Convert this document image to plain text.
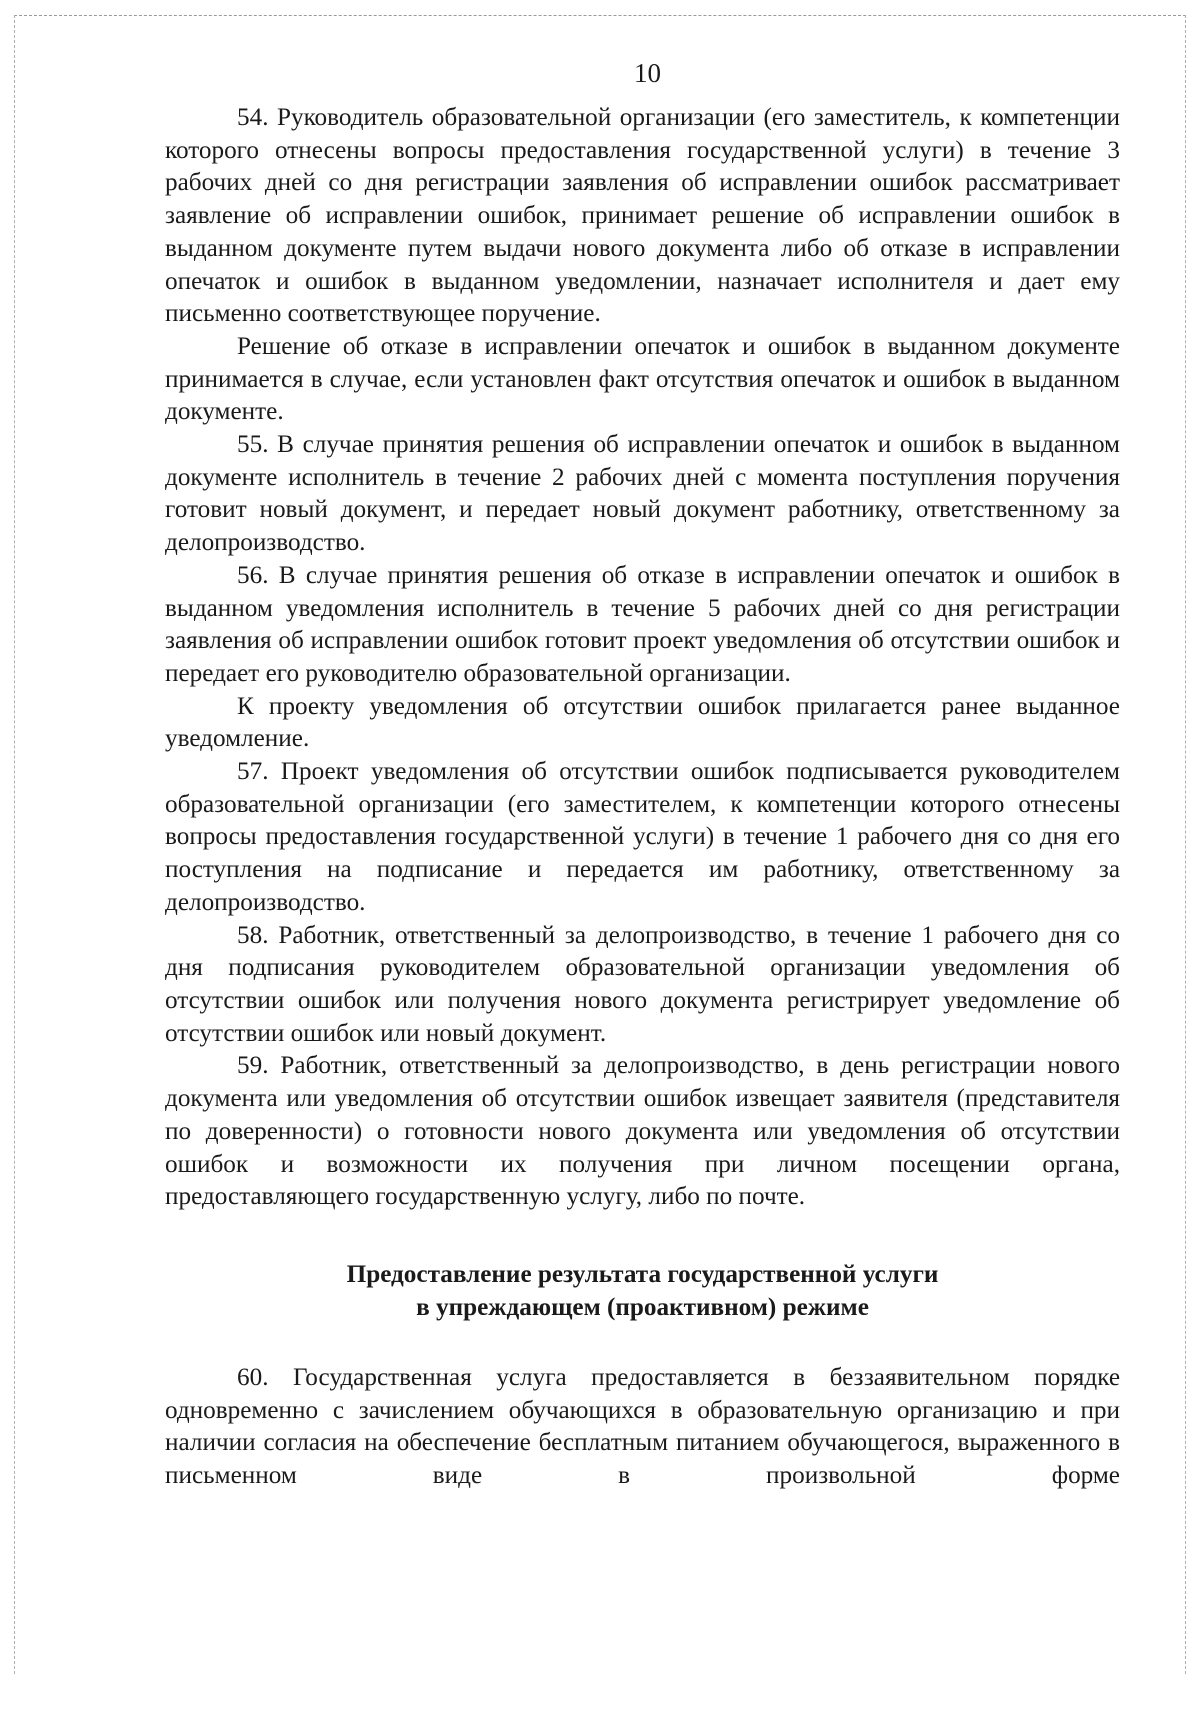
10

54. Руководитель образовательной организации (его заместитель, к компетенции которого отнесены вопросы предоставления государственной услуги) в течение 3 рабочих дней со дня регистрации заявления об исправлении ошибок рассматривает заявление об исправлении ошибок, принимает решение об исправлении ошибок в выданном документе путем выдачи нового документа либо об отказе в исправлении опечаток и ошибок в выданном уведомлении, назначает исполнителя и дает ему письменно соответствующее поручение.

Решение об отказе в исправлении опечаток и ошибок в выданном документе принимается в случае, если установлен факт отсутствия опечаток и ошибок в выданном документе.

55. В случае принятия решения об исправлении опечаток и ошибок в выданном документе исполнитель в течение 2 рабочих дней с момента поступления поручения готовит новый документ, и передает новый документ работнику, ответственному за делопроизводство.

56. В случае принятия решения об отказе в исправлении опечаток и ошибок в выданном уведомления исполнитель в течение 5 рабочих дней со дня регистрации заявления об исправлении ошибок готовит проект уведомления об отсутствии ошибок и передает его руководителю образовательной организации.

К проекту уведомления об отсутствии ошибок прилагается ранее выданное уведомление.

57. Проект уведомления об отсутствии ошибок подписывается руководителем образовательной организации (его заместителем, к компетенции которого отнесены вопросы предоставления государственной услуги) в течение 1 рабочего дня со дня его поступления на подписание и передается им работнику, ответственному за делопроизводство.

58. Работник, ответственный за делопроизводство, в течение 1 рабочего дня со дня подписания руководителем образовательной организации уведомления об отсутствии ошибок или получения нового документа регистрирует уведомление об отсутствии ошибок или новый документ.

59. Работник, ответственный за делопроизводство, в день регистрации нового документа или уведомления об отсутствии ошибок извещает заявителя (представителя по доверенности) о готовности нового документа или уведомления об отсутствии ошибок и возможности их получения при личном посещении органа, предоставляющего государственную услугу, либо по почте.

Предоставление результата государственной услуги
в упреждающем (проактивном) режиме

60. Государственная услуга предоставляется в беззаявительном порядке одновременно с зачислением обучающихся в образовательную организацию и при наличии согласия на обеспечение бесплатным питанием обучающегося, выраженного в письменном виде в произвольной форме
